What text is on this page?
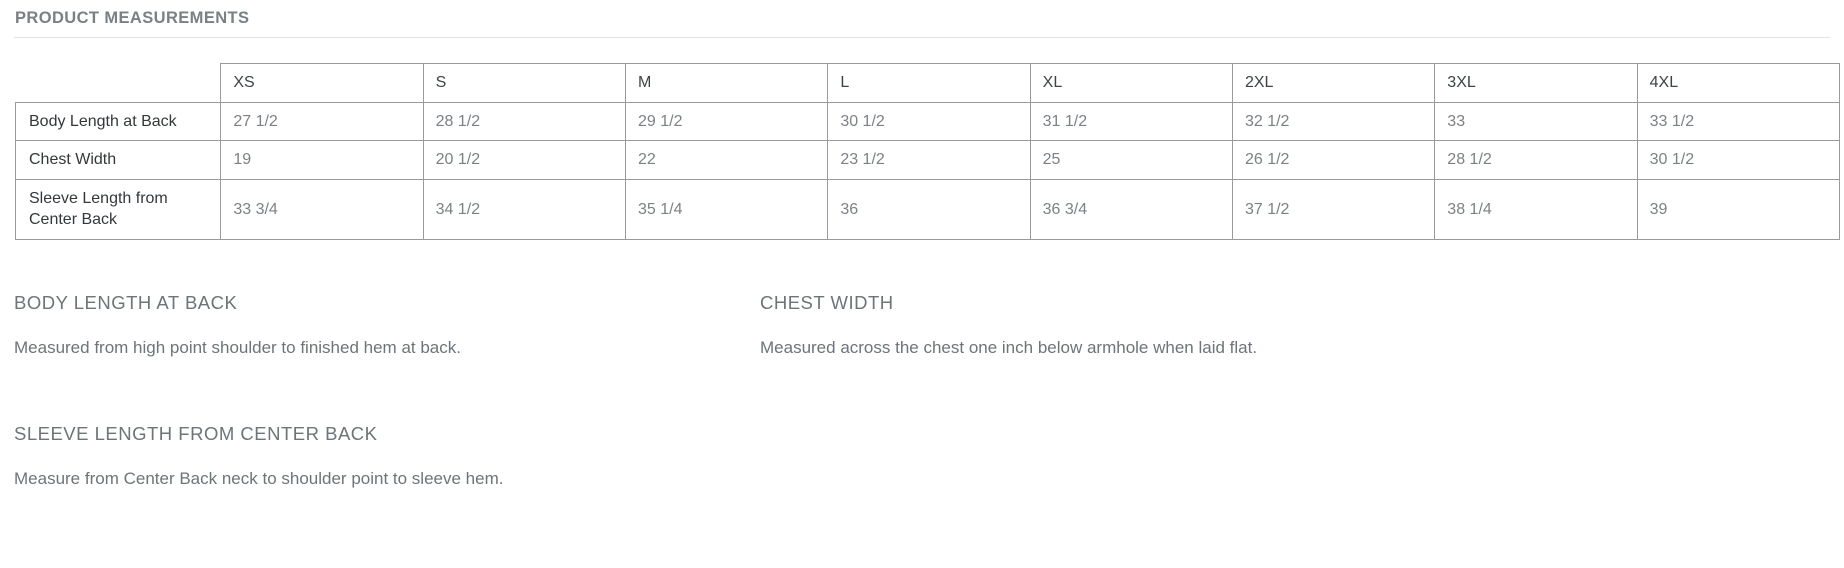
PRODUCT MEASUREMENTS
	XS	S	M	L	XL	2XL	3XL	4XL
Body Length at Back	27 1/2	28 1/2	29 1/2	30 1/2	31 1/2	32 1/2	33	33 1/2
Chest Width	19	20 1/2	22	23 1/2	25	26 1/2	28 1/2	30 1/2
Sleeve Length from Center Back	33 3/4	34 1/2	35 1/4	36	36 3/4	37 1/2	38 1/4	39
BODY LENGTH AT BACK

Measured from high point shoulder to finished hem at back.

CHEST WIDTH

Measured across the chest one inch below armhole when laid flat.

SLEEVE LENGTH FROM CENTER BACK

Measure from Center Back neck to shoulder point to sleeve hem.
